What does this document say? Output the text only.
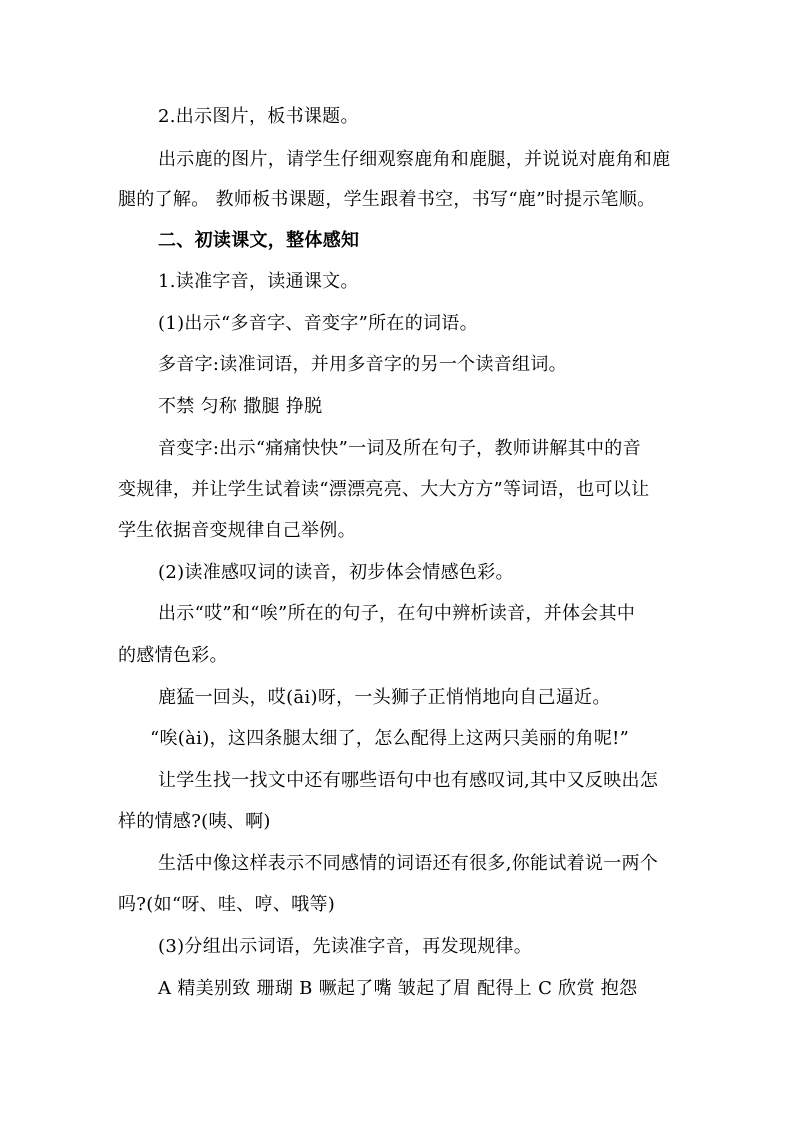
2.出示图片，板书课题。
出示鹿的图片，请学生仔细观察鹿角和鹿腿，并说说对鹿角和鹿
腿的了解。 教师板书课题，学生跟着书空，书写“鹿”时提示笔顺。
二、初读课文，整体感知
1.读准字音，读通课文。
(1)出示“多音字、音变字”所在的词语。
多音字:读准词语，并用多音字的另一个读音组词。
不禁 匀称 撒腿 挣脱
音变字:出示“痛痛快快”一词及所在句子，教师讲解其中的音
变规律，并让学生试着读“漂漂亮亮、大大方方”等词语，也可以让
学生依据音变规律自己举例。
(2)读准感叹词的读音，初步体会情感色彩。
出示“哎”和“唉”所在的句子，在句中辨析读音，并体会其中
的感情色彩。
鹿猛一回头，哎(āi)呀，一头狮子正悄悄地向自己逼近。
“唉(ài)，这四条腿太细了，怎么配得上这两只美丽的角呢!”
让学生找一找文中还有哪些语句中也有感叹词,其中又反映出怎
样的情感?(咦、啊)
生活中像这样表示不同感情的词语还有很多,你能试着说一两个
吗?(如“呀、哇、哼、哦等)
(3)分组出示词语，先读准字音，再发现规律。
A 精美别致 珊瑚 B 噘起了嘴 皱起了眉 配得上 C 欣赏 抱怨
